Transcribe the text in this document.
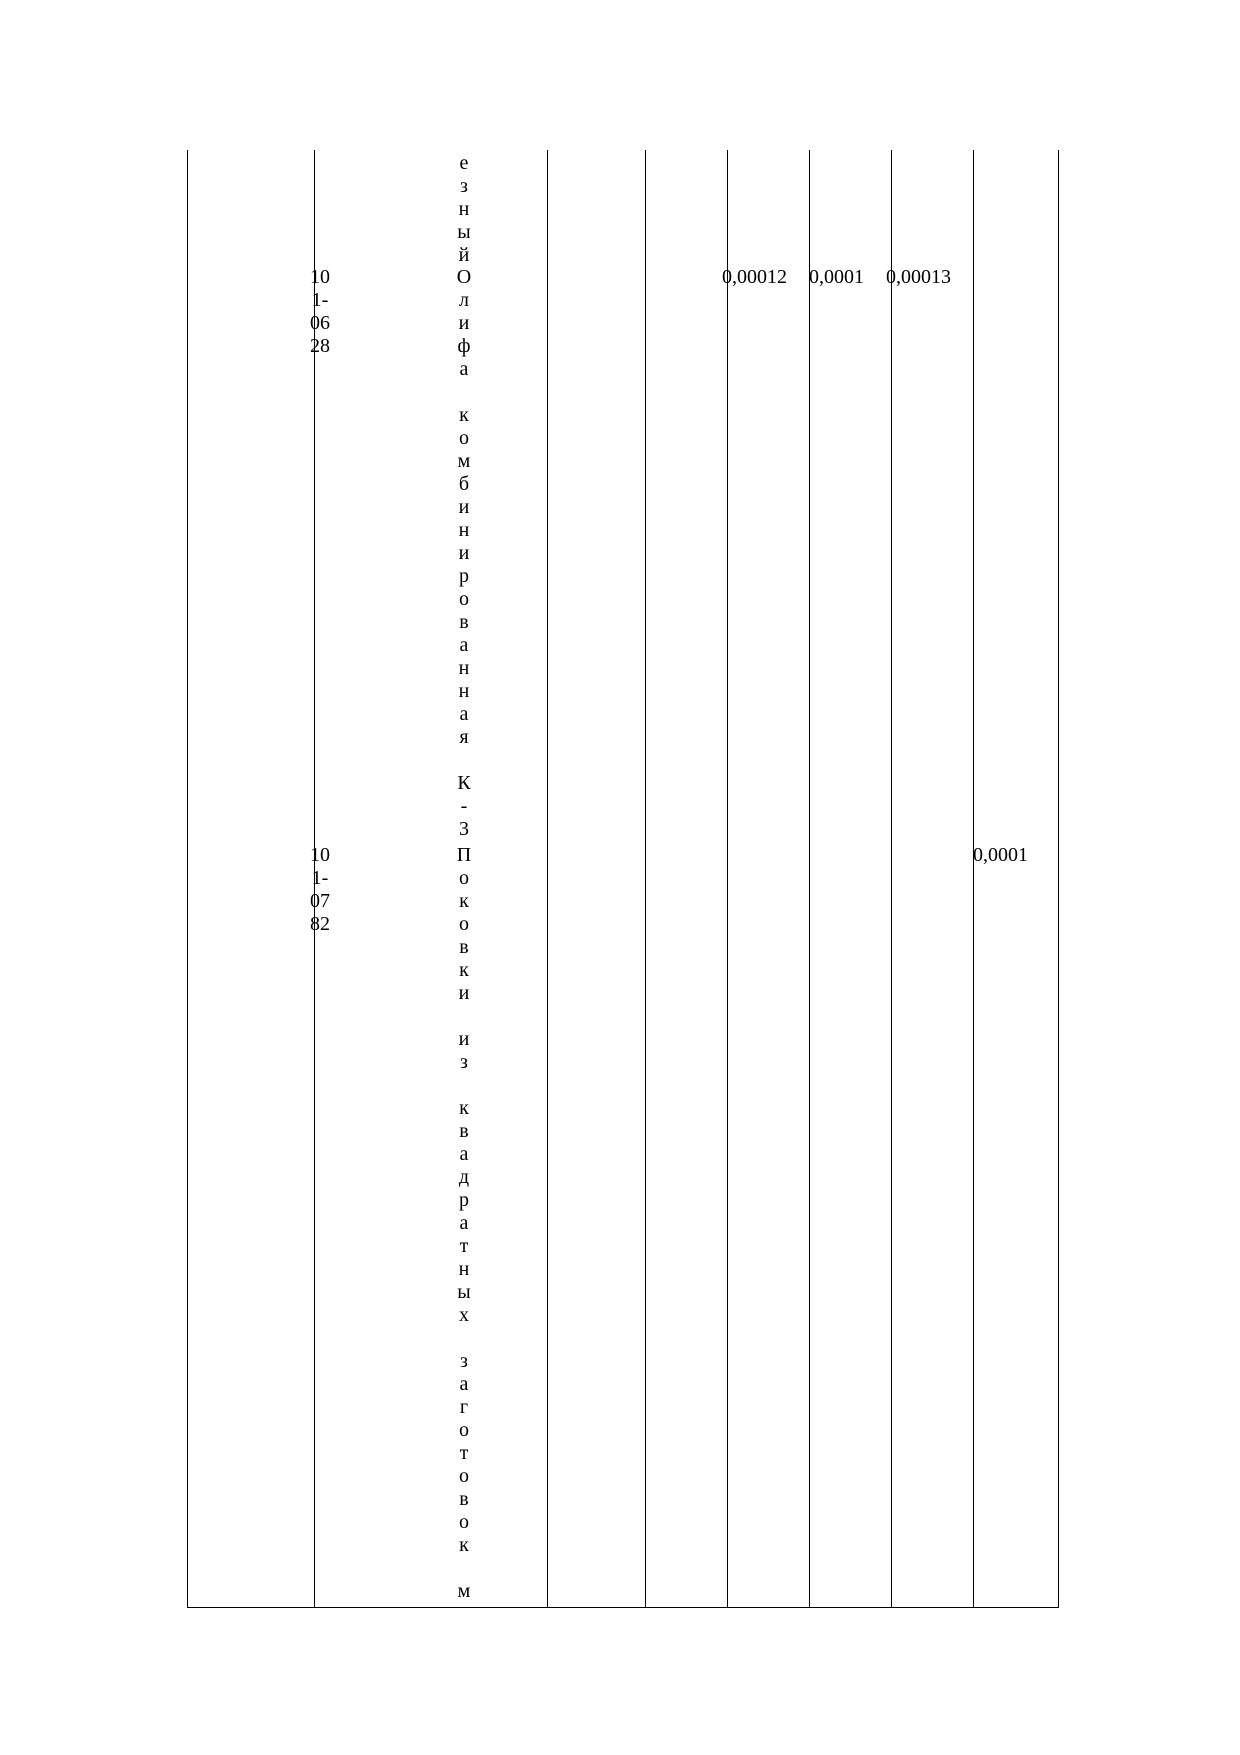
е
з
н
ы
й
10
1-
06
28
О
л
и
ф
а

к
о
м
б
и
н
и
р
о
в
а
н
н
а
я

К
-
3
0,00012 0,0001 0,00013
10
1-
07
82
П
о
к
о
в
к
и

и
з

к
в
а
д
р
а
т
н
ы
х

з
а
г
о
т
о
в
о
к

м
0,0001
